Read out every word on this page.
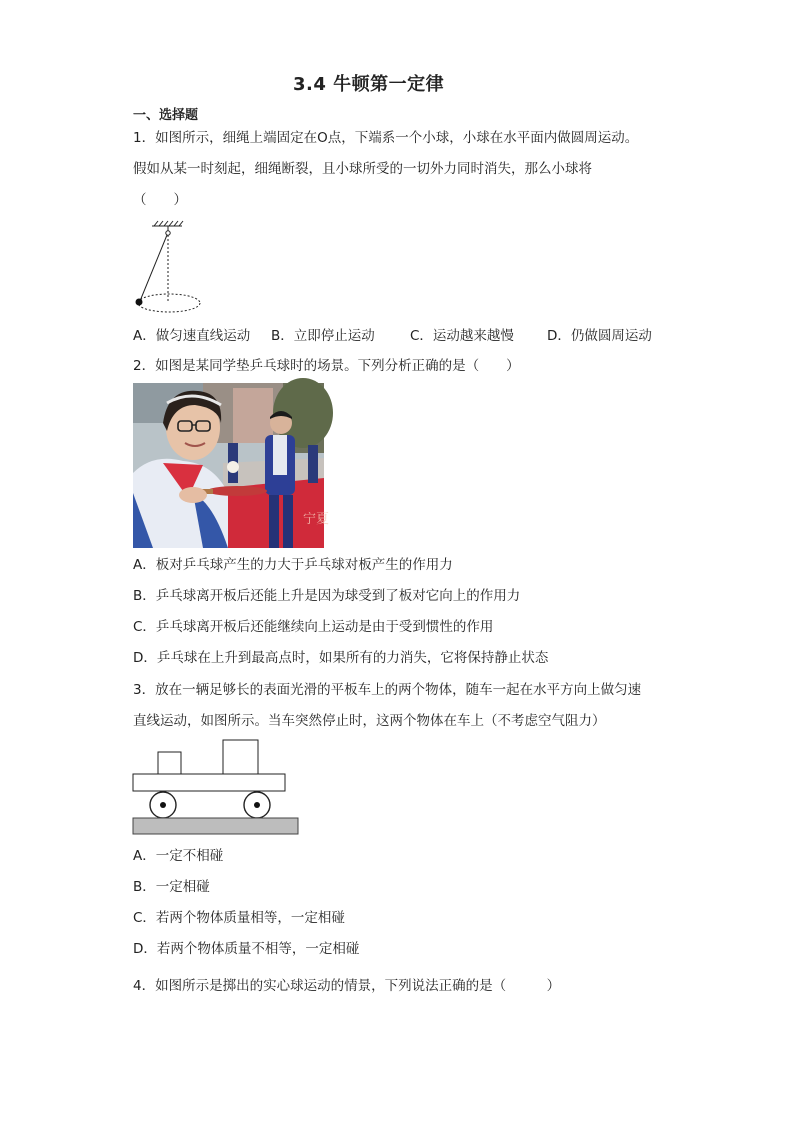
3.4 牛顿第一定律
一、选择题
1．如图所示，细绳上端固定在O点，下端系一个小球，小球在水平面内做圆周运动。
假如从某一时刻起，细绳断裂，且小球所受的一切外力同时消失，那么小球将
（　　）
A．做匀速直线运动 B．立即停止运动	C．运动越来越慢 D．仍做圆周运动
2．如图是某同学垫乒乓球时的场景。下列分析正确的是（　　）
宁夏
A．板对乒乓球产生的力大于乒乓球对板产生的作用力
B．乒乓球离开板后还能上升是因为球受到了板对它向上的作用力
C．乒乓球离开板后还能继续向上运动是由于受到惯性的作用
D．乒乓球在上升到最高点时，如果所有的力消失，它将保持静止状态
3．放在一辆足够长的表面光滑的平板车上的两个物体，随车一起在水平方向上做匀速
直线运动，如图所示。当车突然停止时，这两个物体在车上（不考虑空气阻力）
A．一定不相碰
B．一定相碰
C．若两个物体质量相等，一定相碰
D．若两个物体质量不相等，一定相碰
4．如图所示是掷出的实心球运动的情景，下列说法正确的是（　　　）
